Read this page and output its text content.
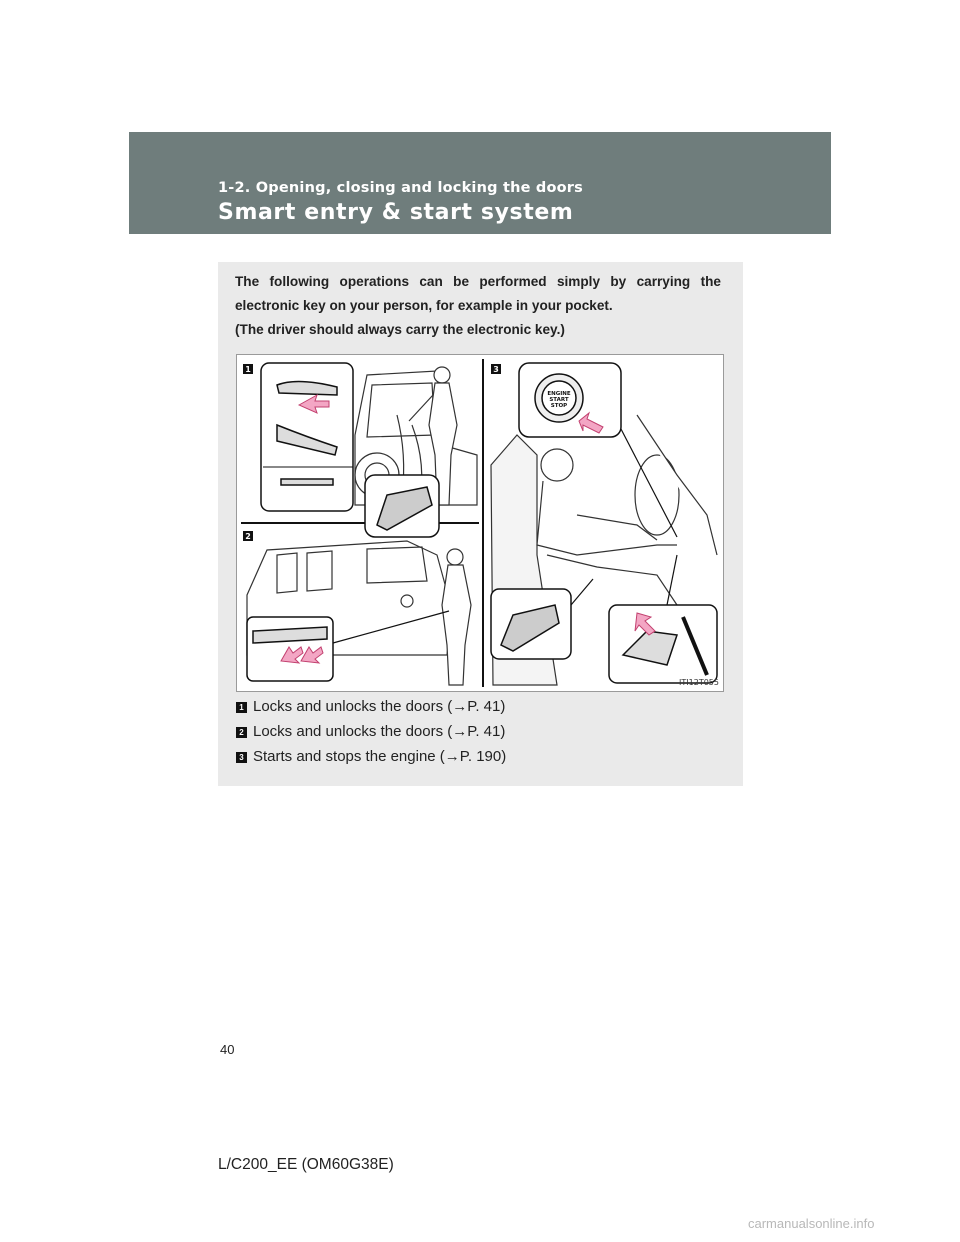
1-2. Opening, closing and locking the doors
Smart entry & start system
The following operations can be performed simply by carrying the
electronic key on your person, for example in your pocket.
(The driver should always carry the electronic key.)
1
2
3
ENGINE
START
STOP
ITI12T055
1 Locks and unlocks the doors (→P. 41)
2 Locks and unlocks the doors (→P. 41)
3 Starts and stops the engine (→P. 190)
40
L/C200_EE (OM60G38E)
carmanualsonline.info
